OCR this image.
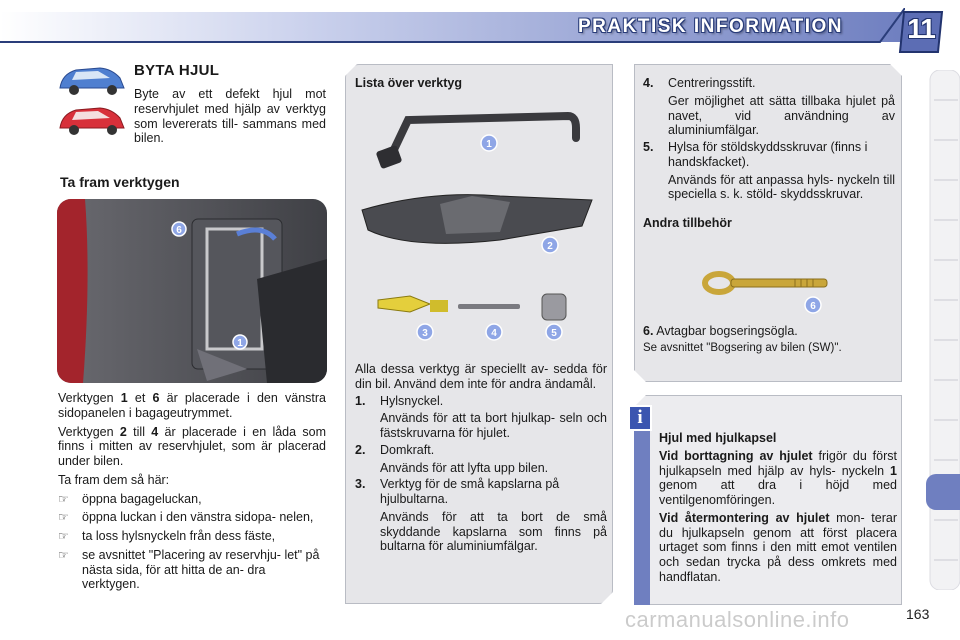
PRAKTISK INFORMATION	11
BYTA HJUL
Byte av ett defekt hjul mot reservhjulet med hjälp av verktyg som levererats till- sammans med bilen.
Ta fram verktygen
6
1

Verktygen 1 et 6 är placerade i den vänstra sidopanelen i bagageutrymmet.

Verktygen 2 till 4 är placerade i en låda som finns i mitten av reservhjulet, som är placerad under bilen.

Ta fram dem så här:

☞ öppna bagageluckan,
☞ öppna luckan i den vänstra sidopa- nelen,
☞ ta loss hylsnyckeln från dess fäste,
☞ se avsnittet "Placering av reservhju- let" på nästa sida, för att hitta de an- dra verktygen.
Lista över verktyg
1
2
3	4	5

Alla dessa verktyg är speciellt av- sedda för din bil. Använd dem inte för andra ändamål.

1. Hylsnyckel.
Används för att ta bort hjulkap- seln och fästskruvarna för hjulet.
2. Domkraft.
Används för att lyfta upp bilen.
3. Verktyg för de små kapslarna på hjulbultarna.
Används för att ta bort de små skyddande kapslarna som finns på bultarna för aluminiumfälgar.
4. Centreringsstift.
Ger möjlighet att sätta tillbaka hjulet på navet, vid användning av aluminiumfälgar.
5. Hylsa för stöldskyddsskruvar (finns i handskfacket).
Används för att anpassa hyls- nyckeln till speciella s. k. stöld- skyddsskruvar.
Andra tillbehör
6
6. Avtagbar bogseringsögla.
Se avsnittet "Bogsering av bilen (SW)".
i
Hjul med hjulkapsel

Vid borttagning av hjulet frigör du först hjulkapseln med hjälp av hyls- nyckeln 1 genom att dra i höjd med ventilgenomföringen.

Vid återmontering av hjulet mon- terar du hjulkapseln genom att först placera urtaget som finns i den mitt emot ventilen och sedan trycka på dess omkrets med handflatan.

carmanualsonline.info	163
